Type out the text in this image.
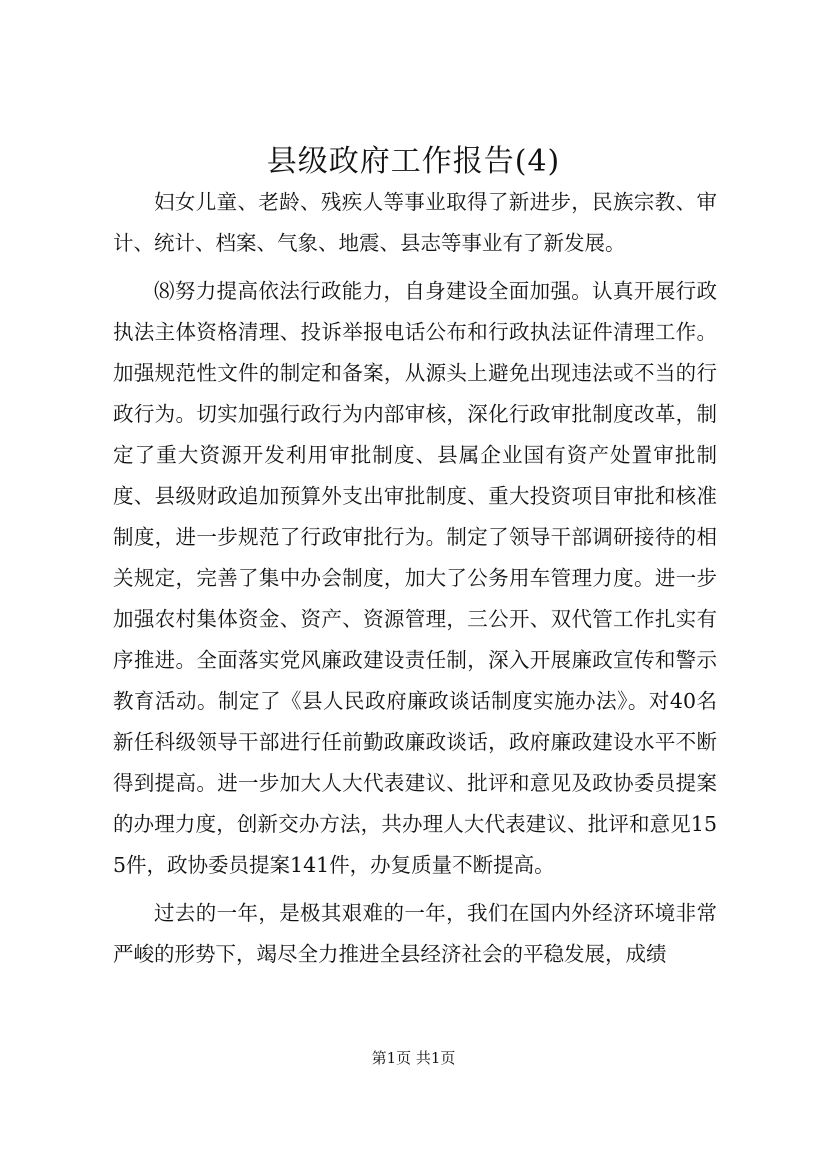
县级政府工作报告(4)

妇女儿童、老龄、残疾人等事业取得了新进步，民族宗教、审计、统计、档案、气象、地震、县志等事业有了新发展。

⑻努力提高依法行政能力，自身建设全面加强。认真开展行政执法主体资格清理、投诉举报电话公布和行政执法证件清理工作。加强规范性文件的制定和备案，从源头上避免出现违法或不当的行政行为。切实加强行政行为内部审核，深化行政审批制度改革，制定了重大资源开发利用审批制度、县属企业国有资产处置审批制度、县级财政追加预算外支出审批制度、重大投资项目审批和核准制度，进一步规范了行政审批行为。制定了领导干部调研接待的相关规定，完善了集中办会制度，加大了公务用车管理力度。进一步加强农村集体资金、资产、资源管理，三公开、双代管工作扎实有序推进。全面落实党风廉政建设责任制，深入开展廉政宣传和警示教育活动。制定了《县人民政府廉政谈话制度实施办法》。对40名新任科级领导干部进行任前勤政廉政谈话，政府廉政建设水平不断得到提高。进一步加大人大代表建议、批评和意见及政协委员提案的办理力度，创新交办方法，共办理人大代表建议、批评和意见155件，政协委员提案141件，办复质量不断提高。

过去的一年，是极其艰难的一年，我们在国内外经济环境非常严峻的形势下，竭尽全力推进全县经济社会的平稳发展，成绩

第1页 共1页
